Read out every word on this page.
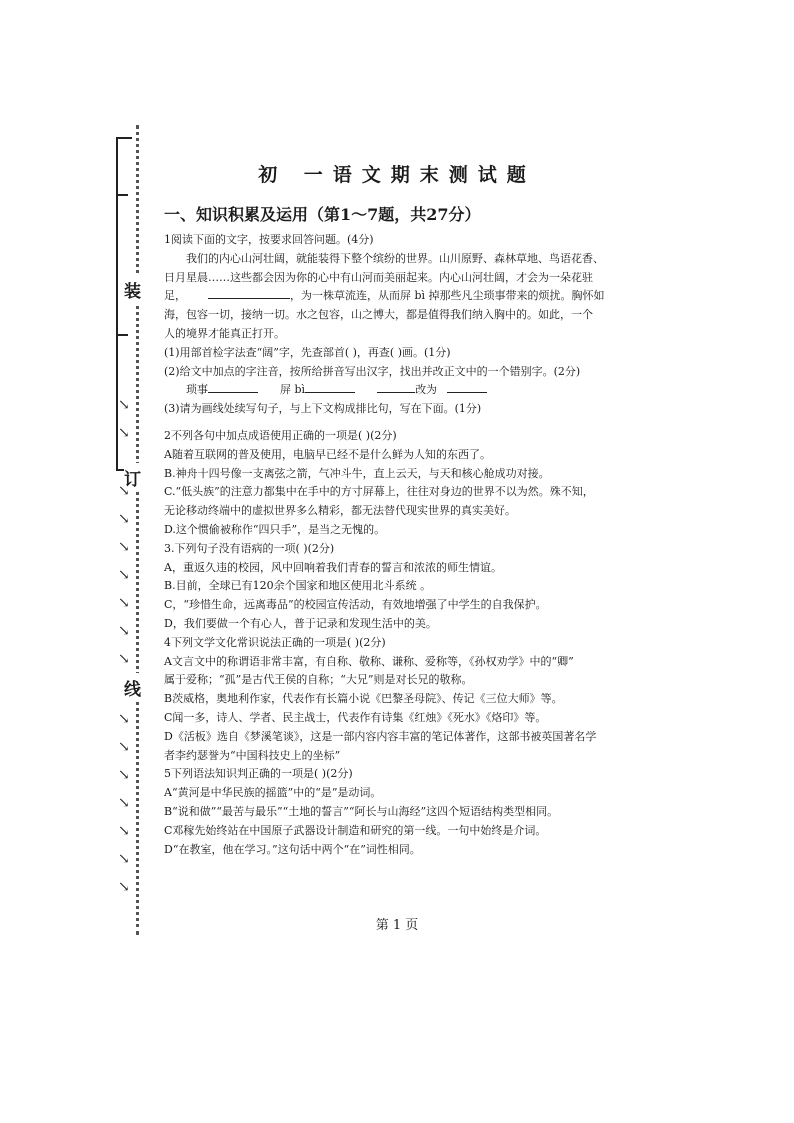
装
订
线
↘
↘
↘
↘
↘
↘
↘
↘
↘
↘
↘
↘
↘
↘
↘
↘
初 一语文期末测试题
一、知识积累及运用（第1～7题，共27分）

1阅读下面的文字，按要求回答问题。(4分)

我们的内心山河壮阔，就能装得下整个缤纷的世界。山川原野、森林草地、鸟语花香、

日月星晨……这些都会因为你的心中有山河而美丽起来。内心山河壮阔，才会为一朵花驻

足，	，为一株草流连，从而屏 bì 掉那些凡尘琐事带来的烦扰。胸怀如

海，包容一切，接纳一切。水之包容，山之博大，都是值得我们纳入胸中的。如此，一个

人的境界才能真正打开。

(1)用部首检字法查“阔”字，先查部首( )，再查( )画。(1分)

(2)给文中加点的字注音，按所给拼音写出汉字，找出并改正文中的一个错别字。(2分)

琐事	屏 bì	改为

(3)请为画线处续写句子，与上下文构成排比句，写在下面。(1分)

2不列各句中加点成语使用正确的一项是( )(2分)

A随着互联网的普及使用，电脑早已经不是什么鲜为人知的东西了。

B.神舟十四号像一支离弦之箭，气冲斗牛，直上云天，与天和核心舱成功对接。

C.“低头族”的注意力都集中在手中的方寸屏幕上，往往对身边的世界不以为然。殊不知，

无论移动终端中的虚拟世界多么精彩，都无法替代现实世界的真实美好。

D.这个惯偷被称作“四只手”，是当之无愧的。

3.下列句子没有语病的一项( )(2分)

A，重返久违的校园，风中回响着我们青春的誓言和浓浓的师生情谊。

B.目前，全球已有120余个国家和地区使用北斗系统 。

C，“珍惜生命，远离毒品”的校园宣传活动，有效地增强了中学生的自我保护。

D，我们要做一个有心人，普于记录和发现生活中的美。

4下列文学文化常识说法正确的一项是( )(2分)

A文言文中的称谓语非常丰富，有自称、敬称、谦称、爱称等，《孙权劝学》中的“卿”

属于爱称；“孤”是古代王侯的自称；“大兄”则是对长兄的敬称。

B茨威格，奥地利作家，代表作有长篇小说《巴黎圣母院》、传记《三位大师》等。

C闻一多，诗人、学者、民主战士，代表作有诗集《红烛》《死水》《烙印》等。

D《活板》选自《梦溪笔谈》，这是一部内容内容丰富的笔记体著作，这部书被英国著名学

者李约瑟誉为“中国科技史上的坐标”

5下列语法知识判正确的一项是( )(2分)

A“黄河是中华民族的摇篮”中的“是”是动词。

B“说和做”“最苦与最乐”“土地的誓言”“阿长与山海经”这四个短语结构类型相同。

C邓稼先始终站在中国原子武器设计制造和研究的第一线。一句中始终是介词。

D“在教室，他在学习。”这句话中两个“在”词性相同。

第 1 页
